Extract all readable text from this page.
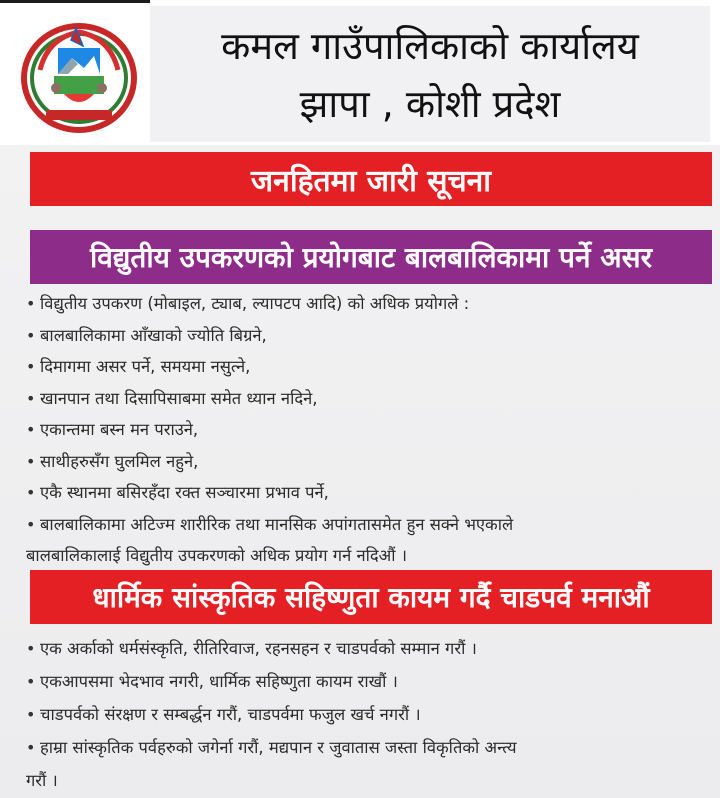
कमल गाउँपालिकाको कार्यालय
झापा , कोशी प्रदेश
जनहितमा जारी सूचना
विद्युतीय उपकरणको प्रयोगबाट बालबालिकामा पर्ने असर
• विद्युतीय उपकरण (मोबाइल, ट्याब, ल्यापटप आदि) को अधिक प्रयोगले :
• बालबालिकामा आँखाको ज्योति बिग्रने,
• दिमागमा असर पर्ने, समयमा नसुत्ने,
• खानपान तथा दिसापिसाबमा समेत ध्यान नदिने,
• एकान्तमा बस्न मन पराउने,
• साथीहरुसँग घुलमिल नहुने,
• एकै स्थानमा बसिरहँदा रक्त सञ्चारमा प्रभाव पर्ने,
• बालबालिकामा अटिज्म शारीरिक तथा मानसिक अपांगतासमेत हुन सक्ने भएकाले
बालबालिकालाई विद्युतीय उपकरणको अधिक प्रयोग गर्न नदिऔं ।
धार्मिक सांस्कृतिक सहिष्णुता कायम गर्दै चाडपर्व मनाऔं
• एक अर्काको धर्मसंस्कृति, रीतिरिवाज, रहनसहन र चाडपर्वको सम्मान गरौं ।
• एकआपसमा भेदभाव नगरी, धार्मिक सहिष्णुता कायम राखौं ।
• चाडपर्वको संरक्षण र सम्बर्द्धन गरौं, चाडपर्वमा फजुल खर्च नगरौं ।
• हाम्रा सांस्कृतिक पर्वहरुको जगेर्ना गरौं, मद्यपान र जुवातास जस्ता विकृतिको अन्त्य
गरौं ।
